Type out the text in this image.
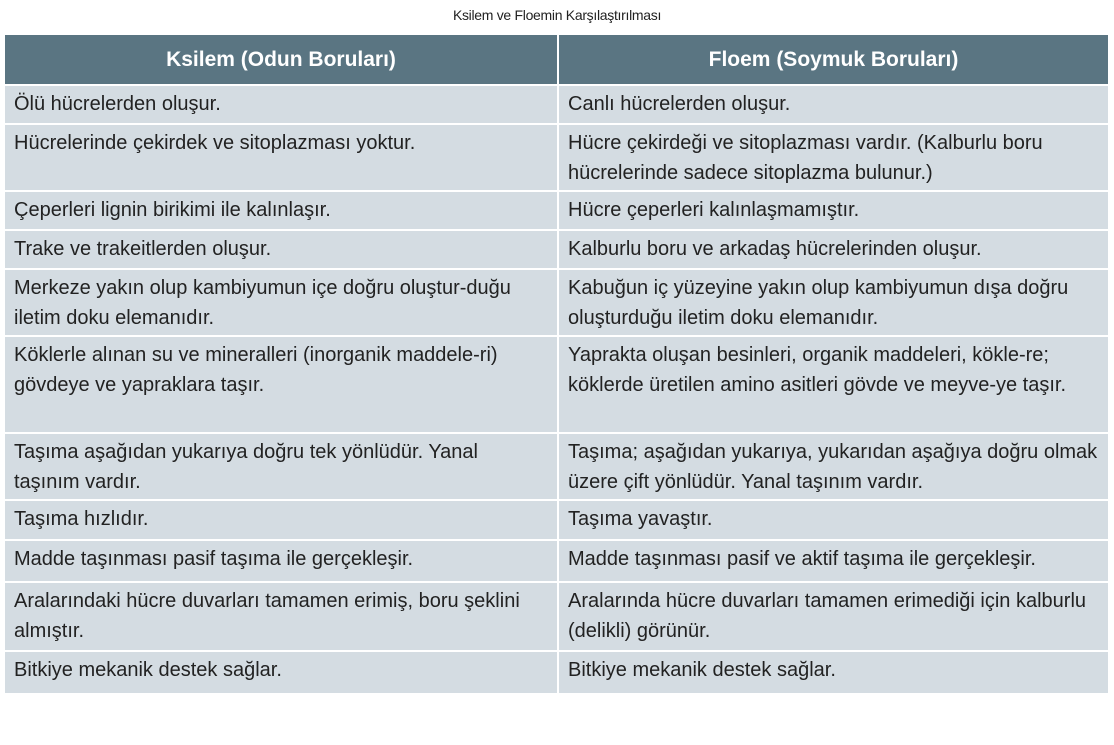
Ksilem ve Floemin Karşılaştırılması
Ksilem (Odun Boruları)	Floem (Soymuk Boruları)
Ölü hücrelerden oluşur.	Canlı hücrelerden oluşur.
Hücrelerinde çekirdek ve sitoplazması yoktur.	Hücre çekirdeği ve sitoplazması vardır. (Kalburlu boru hücrelerinde sadece sitoplazma bulunur.)
Çeperleri lignin birikimi ile kalınlaşır.	Hücre çeperleri kalınlaşmamıştır.
Trake ve trakeitlerden oluşur.	Kalburlu boru ve arkadaş hücrelerinden oluşur.
Merkeze yakın olup kambiyumun içe doğru oluştur-duğu iletim doku elemanıdır.	Kabuğun iç yüzeyine yakın olup kambiyumun dışa doğru oluşturduğu iletim doku elemanıdır.
Köklerle alınan su ve mineralleri (inorganik maddele-ri) gövdeye ve yapraklara taşır.	Yaprakta oluşan besinleri, organik maddeleri, kökle-re; köklerde üretilen amino asitleri gövde ve meyve-ye taşır.
Taşıma aşağıdan yukarıya doğru tek yönlüdür. Yanal taşınım vardır.	Taşıma; aşağıdan yukarıya, yukarıdan aşağıya doğru olmak üzere çift yönlüdür. Yanal taşınım vardır.
Taşıma hızlıdır.	Taşıma yavaştır.
Madde taşınması pasif taşıma ile gerçekleşir.	Madde taşınması pasif ve aktif taşıma ile gerçekleşir.
Aralarındaki hücre duvarları tamamen erimiş, boru şeklini almıştır.	Aralarında hücre duvarları tamamen erimediği için kalburlu (delikli) görünür.
Bitkiye mekanik destek sağlar.	Bitkiye mekanik destek sağlar.
